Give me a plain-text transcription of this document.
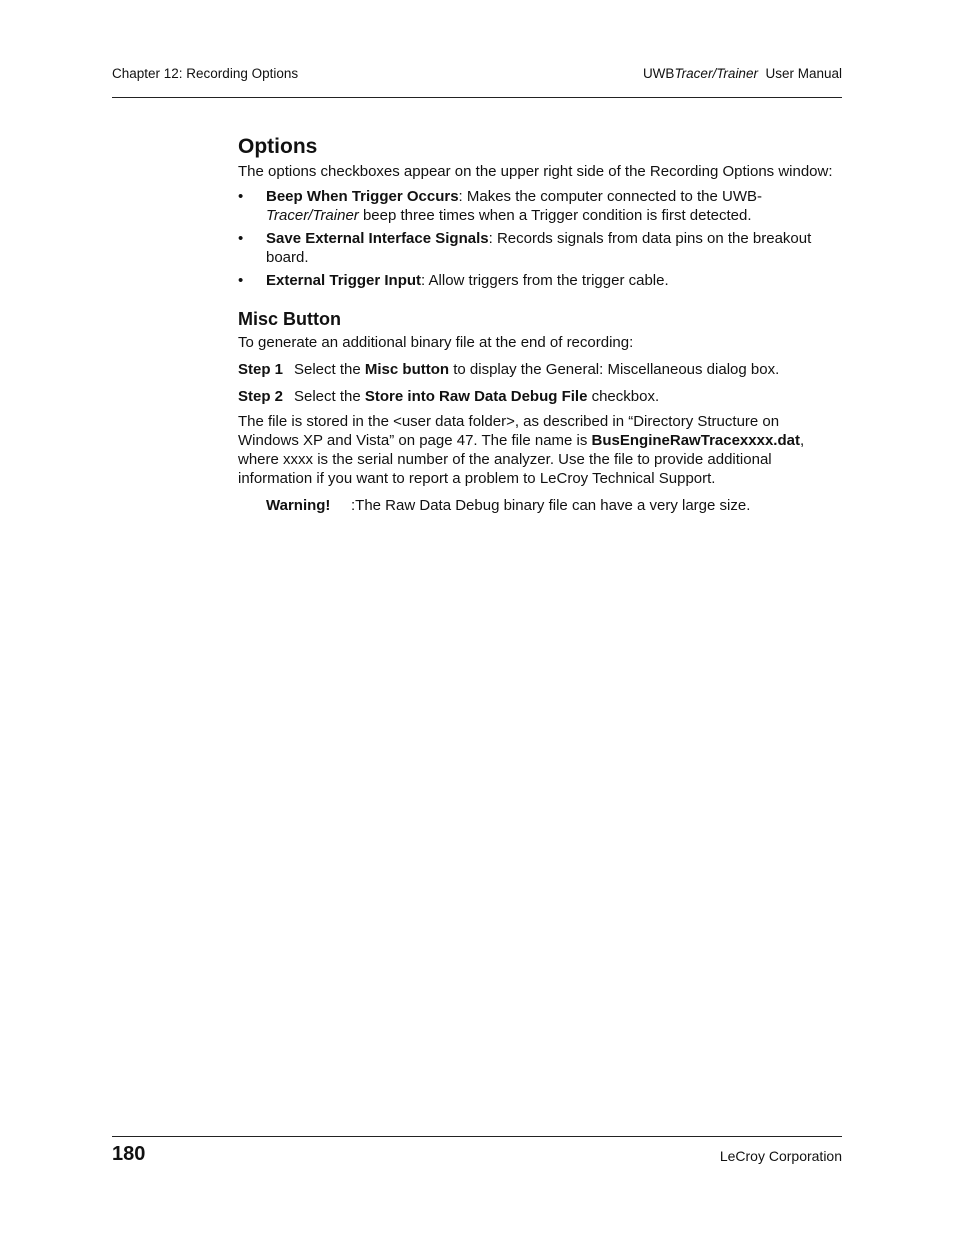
Chapter 12: Recording Options	UWBTracer/Trainer User Manual
Options

The options checkboxes appear on the upper right side of the Recording Options window:

• Beep When Trigger Occurs: Makes the computer connected to the UWB-
Tracer/Trainer beep three times when a Trigger condition is first detected.
• Save External Interface Signals: Records signals from data pins on the breakout board.
• External Trigger Input: Allow triggers from the trigger cable.
Misc Button

To generate an additional binary file at the end of recording:

Step 1 Select the Misc button to display the General: Miscellaneous dialog box.
Step 2 Select the Store into Raw Data Debug File checkbox.

The file is stored in the <user data folder>, as described in “Directory Structure on Windows XP and Vista” on page 47. The file name is BusEngineRawTracexxxx.dat, where xxxx is the serial number of the analyzer. Use the file to provide additional information if you want to report a problem to LeCroy Technical Support.

Warning! :The Raw Data Debug binary file can have a very large size.
180	LeCroy Corporation
